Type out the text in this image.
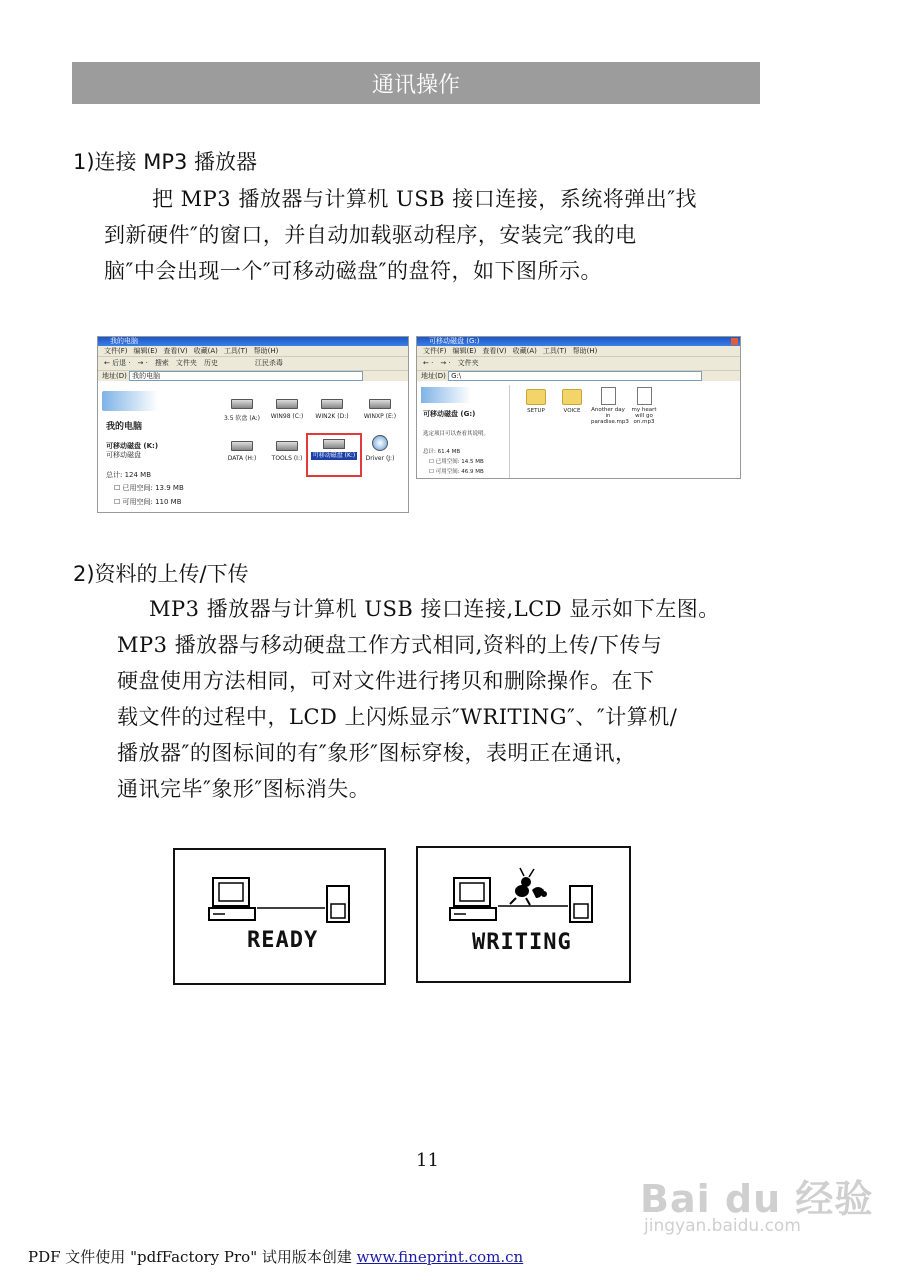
通讯操作
1)连接 MP3 播放器
把 MP3 播放器与计算机 USB 接口连接，系统将弹出″找
到新硬件″的窗口，并自动加载驱动程序，安装完″我的电
脑″中会出现一个″可移动磁盘″的盘符，如下图所示。
我的电脑
文件(F) 编辑(E) 查看(V) 收藏(A) 工具(T) 帮助(H)
← 后退 · → · 搜索 文件夹 历史	江民杀毒
地址(D) 我的电脑
我的电脑
可移动磁盘 (K:)
可移动磁盘
总计: 124 MB
☐ 已用空间: 13.9 MB
☐ 可用空间: 110 MB
3.5 软盘 (A:)	WIN98 (C:)	WIN2K (D:)	WINXP (E:)
DATA (H:)	TOOLS (I:)	可移动磁盘 (K:)	Driver (J:)
可移动磁盘 (G:)
文件(F) 编辑(E) 查看(V) 收藏(A) 工具(T) 帮助(H)
← · → · 文件夹
地址(D) G:\
可移动磁盘 (G:)
选定项目可以查看其说明。
总计: 61.4 MB
☐ 已用空间: 14.5 MB
☐ 可用空间: 46.9 MB
SETUP	VOICE	Another day in paradise.mp3
my heart will go on.mp3
2)资料的上传/下传
MP3 播放器与计算机 USB 接口连接,LCD 显示如下左图。
MP3 播放器与移动硬盘工作方式相同,资料的上传/下传与
硬盘使用方法相同，可对文件进行拷贝和删除操作。在下
载文件的过程中，LCD 上闪烁显示″WRITING″、″计算机/
播放器″的图标间的有″象形″图标穿梭，表明正在通讯，
通讯完毕″象形″图标消失。
READY	WRITING
11
Bai du 经验
jingyan.baidu.com
PDF 文件使用 "pdfFactory Pro" 试用版本创建 www.fineprint.com.cn
